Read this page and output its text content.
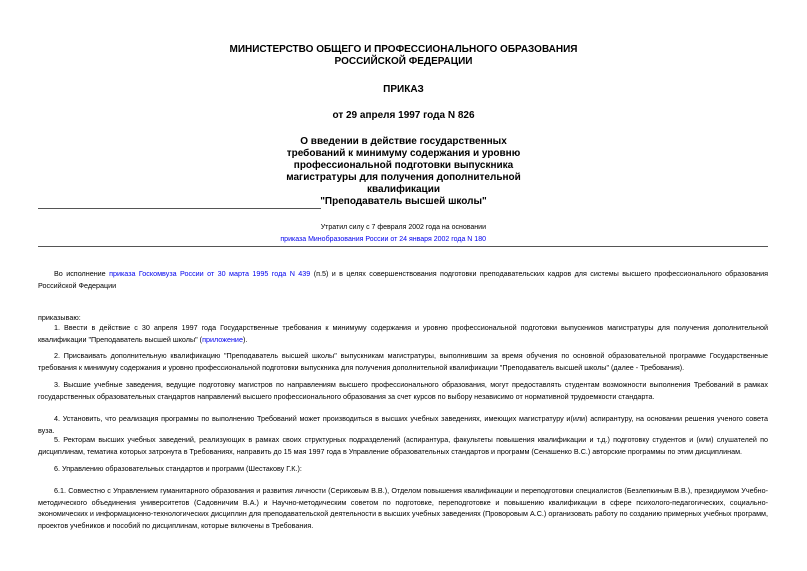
МИНИСТЕРСТВО ОБЩЕГО И ПРОФЕССИОНАЛЬНОГО ОБРАЗОВАНИЯ
РОССИЙСКОЙ ФЕДЕРАЦИИ
ПРИКАЗ
от 29 апреля 1997 года N 826
О введении в действие государственных
требований к минимуму содержания и уровню
профессиональной подготовки выпускника
магистратуры для получения дополнительной
квалификации
"Преподаватель высшей школы"
Утратил силу с 7 февраля 2002 года на основании
приказа Минобразования России от 24 января 2002 года N 180

Во исполнение приказа Госкомвуза России от 30 марта 1995 года N 439 (п.5) и в целях совершенствования подготовки преподавательских кадров для системы высшего профессионального образования Российской Федерации

приказываю:

1. Ввести в действие с 30 апреля 1997 года Государственные требования к минимуму содержания и уровню профессиональной подготовки выпускников магистратуры для получения дополнительной квалификации "Преподаватель высшей школы" (приложение).

2. Присваивать дополнительную квалификацию "Преподаватель высшей школы" выпускникам магистратуры, выполнившим за время обучения по основной образовательной программе Государственные требования к минимуму содержания и уровню профессиональной подготовки выпускника для получения дополнительной квалификации "Преподаватель высшей школы" (далее - Требования).

3. Высшие учебные заведения, ведущие подготовку магистров по направлениям высшего профессионального образования, могут предоставлять студентам возможности выполнения Требований в рамках государственных образовательных стандартов направлений высшего профессионального образования за счет курсов по выбору независимо от нормативной трудоемкости стандарта.

4. Установить, что реализация программы по выполнению Требований может производиться в высших учебных заведениях, имеющих магистратуру и(или) аспирантуру, на основании решения ученого совета вуза.

5. Ректорам высших учебных заведений, реализующих в рамках своих структурных подразделений (аспирантура, факультеты повышения квалификации и т.д.) подготовку студентов и (или) слушателей по дисциплинам, тематика которых затронута в Требованиях, направить до 15 мая 1997 года в Управление образовательных стандартов и программ (Сенашенко В.С.) авторские программы по этим дисциплинам.

6. Управлению образовательных стандартов и программ (Шестакову Г.К.):

6.1. Совместно с Управлением гуманитарного образования и развития личности (Сериковым В.В.), Отделом повышения квалификации и переподготовки специалистов (Безлепкиным В.В.), президиумом Учебно-методического объединения университетов (Садовничим В.А.) и Научно-методическим советом по подготовке, переподготовке и повышению квалификации в сфере психолого-педагогических, социально-экономических и информационно-технологических дисциплин для преподавательской деятельности в высших учебных заведениях (Проворовым А.С.) организовать работу по созданию примерных учебных программ, проектов учебников и пособий по дисциплинам, которые включены в Требования.
